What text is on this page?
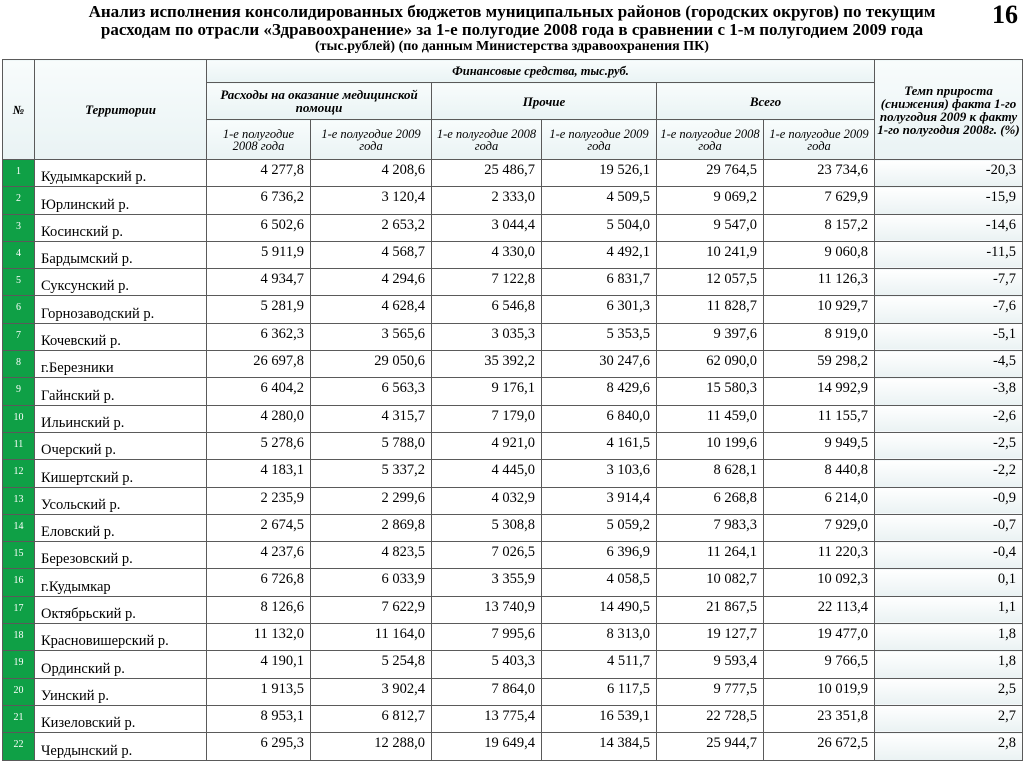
Анализ исполнения консолидированных бюджетов муниципальных районов (городских округов) по текущим
расходам по отрасли «Здравоохранение» за 1-е полугодие 2008 года в сравнении с 1-м полугодием 2009 года
(тыс.рублей) (по данным Министерства здравоохранения ПК)
16
№	Территории	Финансовые средства, тыс.руб.						Темп прироста (снижения) факта 1-го полугодия 2009 к факту 1-го полугодия 2008г. (%)
		Расходы на оказание медицинской помощи		Прочие		Всего		
		1-е полугодие 2008 года	1-е полугодие 2009 года	1-е полугодие 2008 года	1-е полугодие 2009 года	1-е полугодие 2008 года	1-е полугодие 2009 года	
1	Кудымкарский р.	4 277,8	4 208,6	25 486,7	19 526,1	29 764,5	23 734,6	-20,3
2	Юрлинский р.	6 736,2	3 120,4	2 333,0	4 509,5	9 069,2	7 629,9	-15,9
3	Косинский р.	6 502,6	2 653,2	3 044,4	5 504,0	9 547,0	8 157,2	-14,6
4	Бардымский р.	5 911,9	4 568,7	4 330,0	4 492,1	10 241,9	9 060,8	-11,5
5	Суксунский р.	4 934,7	4 294,6	7 122,8	6 831,7	12 057,5	11 126,3	-7,7
6	Горнозаводский р.	5 281,9	4 628,4	6 546,8	6 301,3	11 828,7	10 929,7	-7,6
7	Кочевский р.	6 362,3	3 565,6	3 035,3	5 353,5	9 397,6	8 919,0	-5,1
8	г.Березники	26 697,8	29 050,6	35 392,2	30 247,6	62 090,0	59 298,2	-4,5
9	Гайнский р.	6 404,2	6 563,3	9 176,1	8 429,6	15 580,3	14 992,9	-3,8
10	Ильинский р.	4 280,0	4 315,7	7 179,0	6 840,0	11 459,0	11 155,7	-2,6
11	Очерский р.	5 278,6	5 788,0	4 921,0	4 161,5	10 199,6	9 949,5	-2,5
12	Кишертский р.	4 183,1	5 337,2	4 445,0	3 103,6	8 628,1	8 440,8	-2,2
13	Усольский р.	2 235,9	2 299,6	4 032,9	3 914,4	6 268,8	6 214,0	-0,9
14	Еловский р.	2 674,5	2 869,8	5 308,8	5 059,2	7 983,3	7 929,0	-0,7
15	Березовский р.	4 237,6	4 823,5	7 026,5	6 396,9	11 264,1	11 220,3	-0,4
16	г.Кудымкар	6 726,8	6 033,9	3 355,9	4 058,5	10 082,7	10 092,3	0,1
17	Октябрьский р.	8 126,6	7 622,9	13 740,9	14 490,5	21 867,5	22 113,4	1,1
18	Красновишерский р.	11 132,0	11 164,0	7 995,6	8 313,0	19 127,7	19 477,0	1,8
19	Ординский р.	4 190,1	5 254,8	5 403,3	4 511,7	9 593,4	9 766,5	1,8
20	Уинский р.	1 913,5	3 902,4	7 864,0	6 117,5	9 777,5	10 019,9	2,5
21	Кизеловский р.	8 953,1	6 812,7	13 775,4	16 539,1	22 728,5	23 351,8	2,7
22	Чердынский р.	6 295,3	12 288,0	19 649,4	14 384,5	25 944,7	26 672,5	2,8
